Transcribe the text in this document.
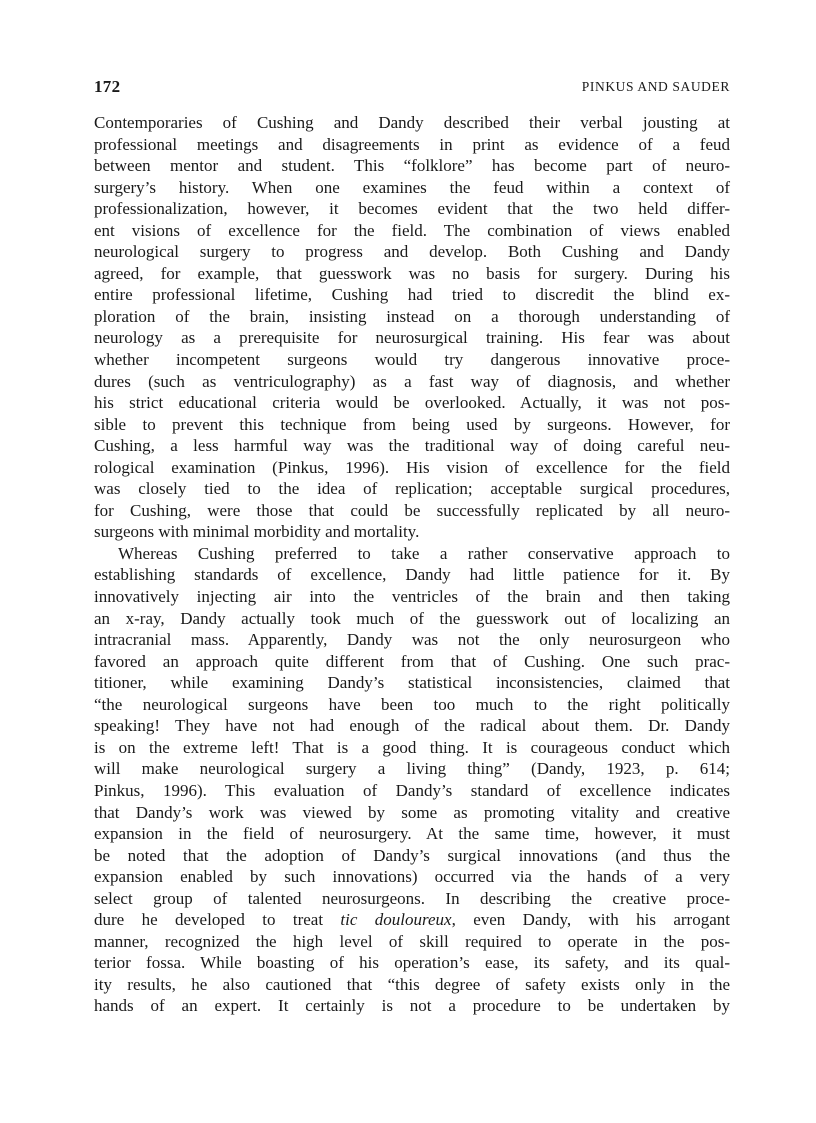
172	PINKUS AND SAUDER
Contemporaries of Cushing and Dandy described their verbal jousting at
professional meetings and disagreements in print as evidence of a feud
between mentor and student. This “folklore” has become part of neuro-
surgery’s history. When one examines the feud within a context of
professionalization, however, it becomes evident that the two held differ-
ent visions of excellence for the field. The combination of views enabled
neurological surgery to progress and develop. Both Cushing and Dandy
agreed, for example, that guesswork was no basis for surgery. During his
entire professional lifetime, Cushing had tried to discredit the blind ex-
ploration of the brain, insisting instead on a thorough understanding of
neurology as a prerequisite for neurosurgical training. His fear was about
whether incompetent surgeons would try dangerous innovative proce-
dures (such as ventriculography) as a fast way of diagnosis, and whether
his strict educational criteria would be overlooked. Actually, it was not pos-
sible to prevent this technique from being used by surgeons. However, for
Cushing, a less harmful way was the traditional way of doing careful neu-
rological examination (Pinkus, 1996). His vision of excellence for the field
was closely tied to the idea of replication; acceptable surgical procedures,
for Cushing, were those that could be successfully replicated by all neuro-
surgeons with minimal morbidity and mortality.
Whereas Cushing preferred to take a rather conservative approach to
establishing standards of excellence, Dandy had little patience for it. By
innovatively injecting air into the ventricles of the brain and then taking
an x-ray, Dandy actually took much of the guesswork out of localizing an
intracranial mass. Apparently, Dandy was not the only neurosurgeon who
favored an approach quite different from that of Cushing. One such prac-
titioner, while examining Dandy’s statistical inconsistencies, claimed that
“the neurological surgeons have been too much to the right politically
speaking! They have not had enough of the radical about them. Dr. Dandy
is on the extreme left! That is a good thing. It is courageous conduct which
will make neurological surgery a living thing” (Dandy, 1923, p. 614;
Pinkus, 1996). This evaluation of Dandy’s standard of excellence indicates
that Dandy’s work was viewed by some as promoting vitality and creative
expansion in the field of neurosurgery. At the same time, however, it must
be noted that the adoption of Dandy’s surgical innovations (and thus the
expansion enabled by such innovations) occurred via the hands of a very
select group of talented neurosurgeons. In describing the creative proce-
dure he developed to treat tic douloureux, even Dandy, with his arrogant
manner, recognized the high level of skill required to operate in the pos-
terior fossa. While boasting of his operation’s ease, its safety, and its qual-
ity results, he also cautioned that “this degree of safety exists only in the
hands of an expert. It certainly is not a procedure to be undertaken by
